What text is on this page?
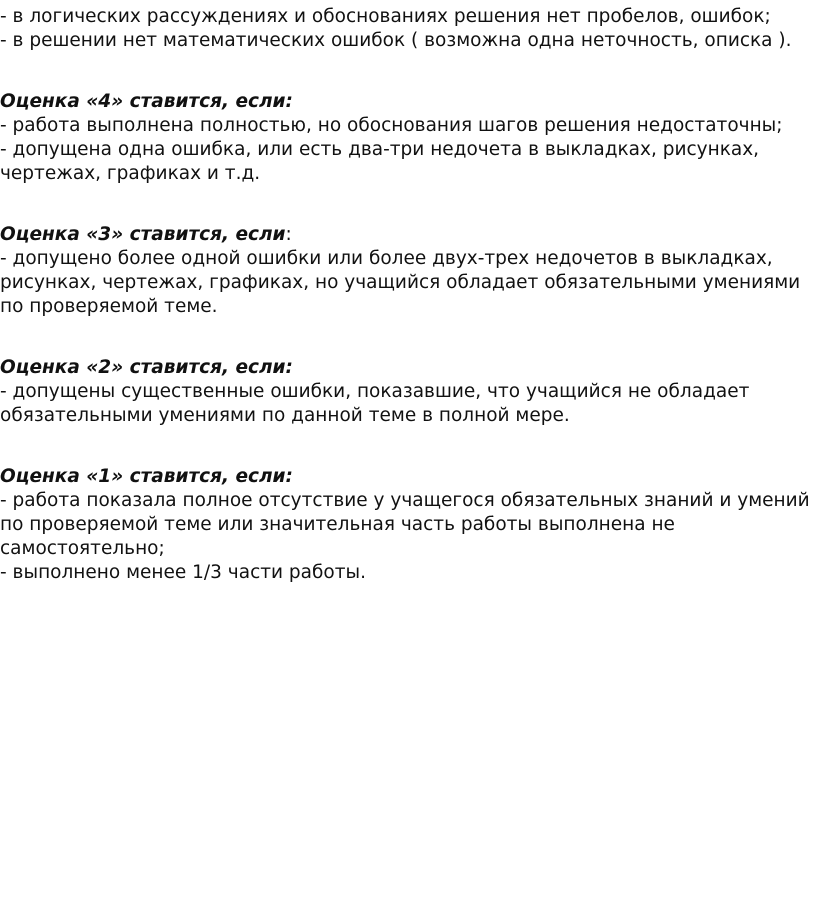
- в логических рассуждениях и обоснованиях решения нет пробелов, ошибок;

- в решении нет математических ошибок ( возможна одна неточность, описка ).

Оценка «4» ставится, если:

- работа выполнена полностью, но обоснования шагов решения недостаточны;

- допущена одна ошибка, или есть два-три недочета в выкладках, рисунках,

чертежах, графиках и т.д.

Оценка «3» ставится, если:

- допущено более одной ошибки или более двух-трех недочетов в выкладках,

рисунках, чертежах, графиках, но учащийся обладает обязательными умениями

по проверяемой теме.

Оценка «2» ставится, если:

- допущены существенные ошибки, показавшие, что учащийся не обладает

обязательными умениями по данной теме в полной мере.

Оценка «1» ставится, если:

- работа показала полное отсутствие у учащегося обязательных знаний и умений

по проверяемой теме или значительная часть работы выполнена не

самостоятельно;

- выполнено менее 1/3 части работы.
